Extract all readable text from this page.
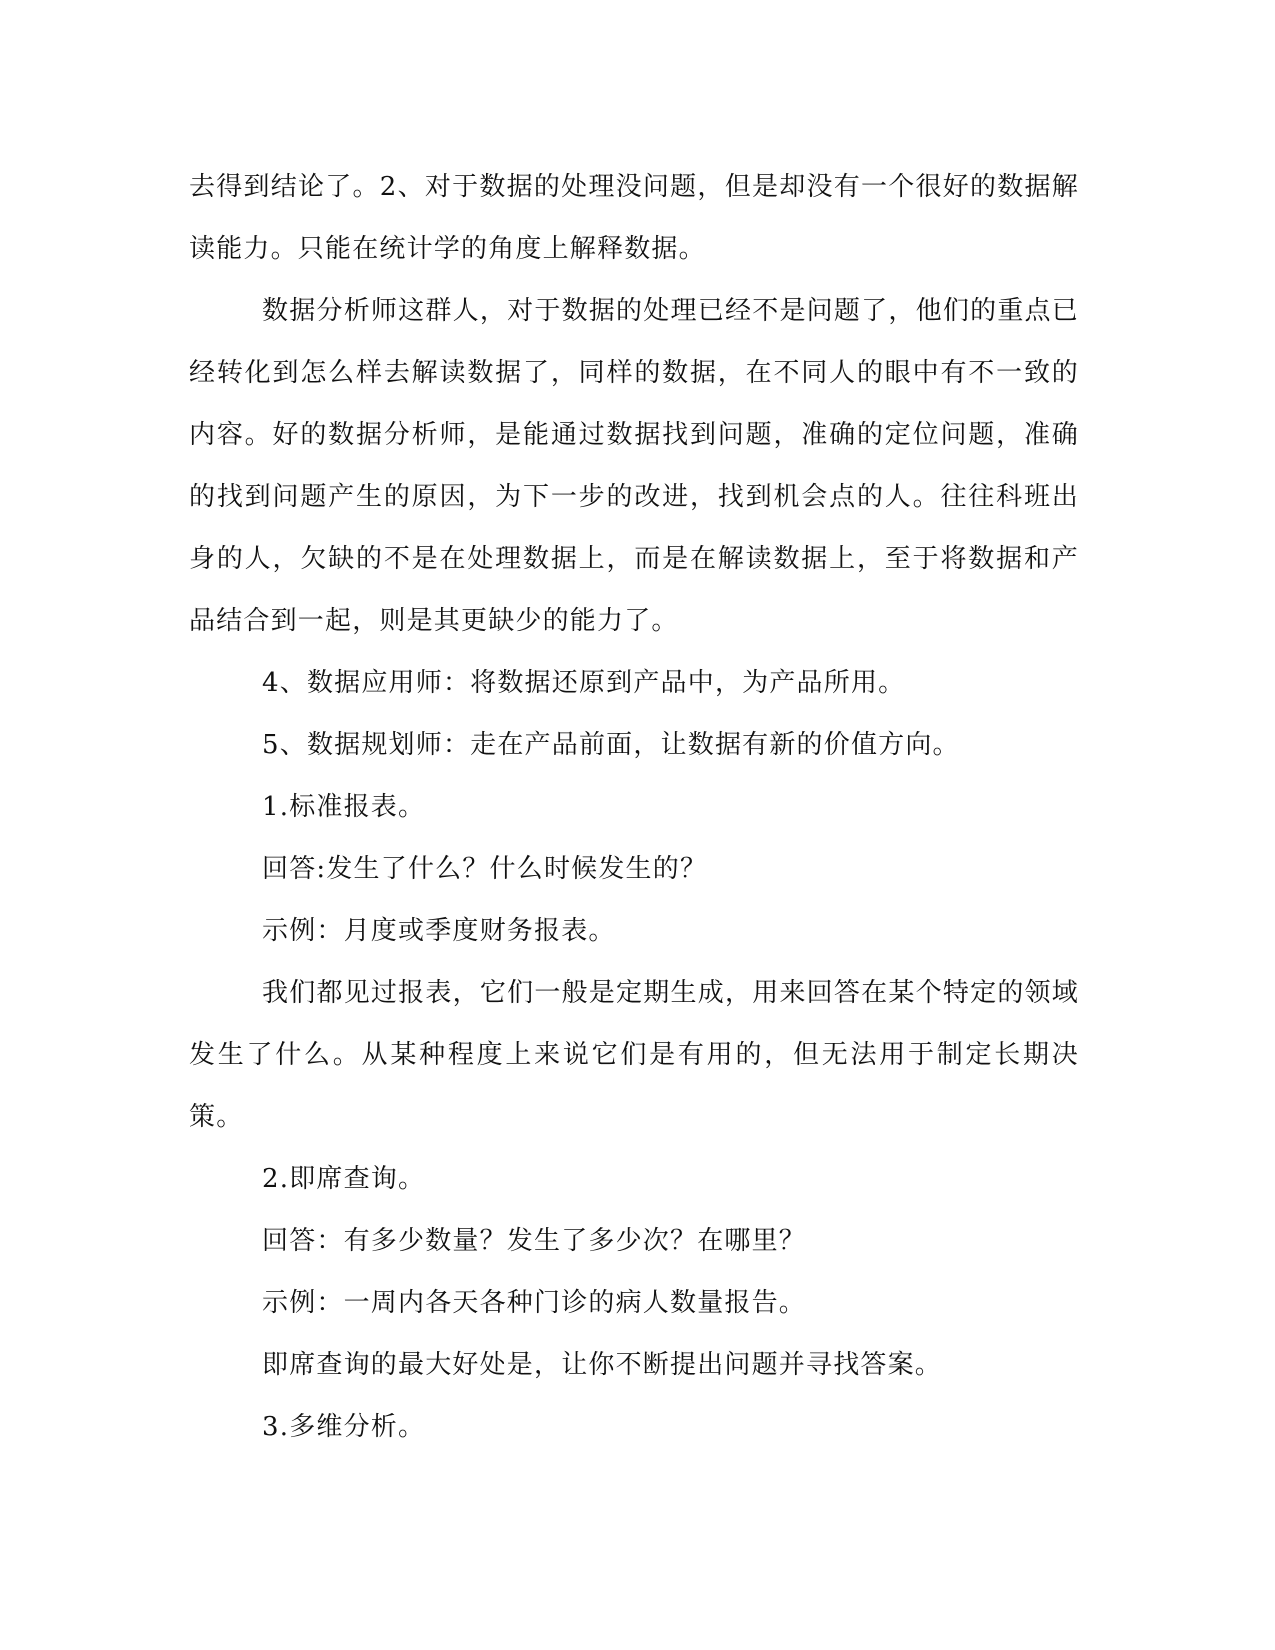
去得到结论了。2、对于数据的处理没问题，但是却没有一个很好的数据解读能力。只能在统计学的角度上解释数据。

数据分析师这群人，对于数据的处理已经不是问题了，他们的重点已经转化到怎么样去解读数据了，同样的数据，在不同人的眼中有不一致的内容。好的数据分析师，是能通过数据找到问题，准确的定位问题，准确的找到问题产生的原因，为下一步的改进，找到机会点的人。往往科班出身的人，欠缺的不是在处理数据上，而是在解读数据上，至于将数据和产品结合到一起，则是其更缺少的能力了。

4、数据应用师：将数据还原到产品中，为产品所用。

5、数据规划师：走在产品前面，让数据有新的价值方向。

1.标准报表。

回答:发生了什么？什么时候发生的？

示例：月度或季度财务报表。

我们都见过报表，它们一般是定期生成，用来回答在某个特定的领域发生了什么。从某种程度上来说它们是有用的，但无法用于制定长期决策。

2.即席查询。

回答：有多少数量？发生了多少次？在哪里？

示例：一周内各天各种门诊的病人数量报告。

即席查询的最大好处是，让你不断提出问题并寻找答案。

3.多维分析。
